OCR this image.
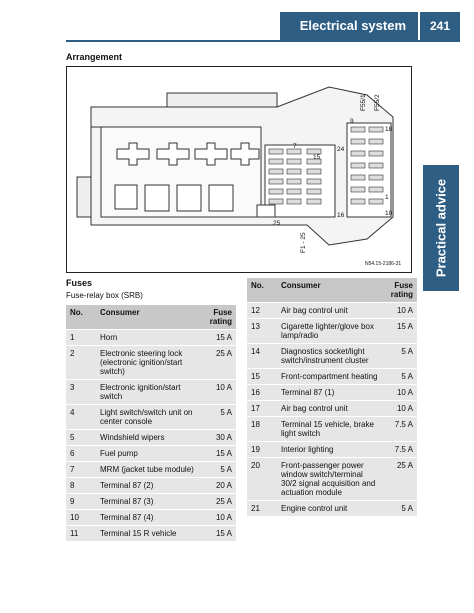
Electrical system	241
Practical advice
Arrangement
F55/1 F55/2
7
15
24
25
16
9
18
1
10
F1 - 25
N54.15-2186-31
Fuses
Fuse-relay box (SRB)
No.	Consumer	Fuse rating
1	Horn	15 A
2	Electronic steering lock (electronic ignition/start switch)	25 A
3	Electronic ignition/start switch	10 A
4	Light switch/switch unit on center console	5 A
5	Windshield wipers	30 A
6	Fuel pump	15 A
7	MRM (jacket tube module)	5 A
8	Terminal 87 (2)	20 A
9	Terminal 87 (3)	25 A
10	Terminal 87 (4)	10 A
11	Terminal 15 R vehicle	15 A
No.	Consumer	Fuse rating
12	Air bag control unit	10 A
13	Cigarette lighter/glove box lamp/radio	15 A
14	Diagnostics socket/light switch/instrument cluster	5 A
15	Front-compartment heating	5 A
16	Terminal 87 (1)	10 A
17	Air bag control unit	10 A
18	Terminal 15 vehicle, brake light switch	7.5 A
19	Interior lighting	7.5 A
20	Front-passenger power window switch/terminal 30/2 signal acquisition and actuation module	25 A
21	Engine control unit	5 A
